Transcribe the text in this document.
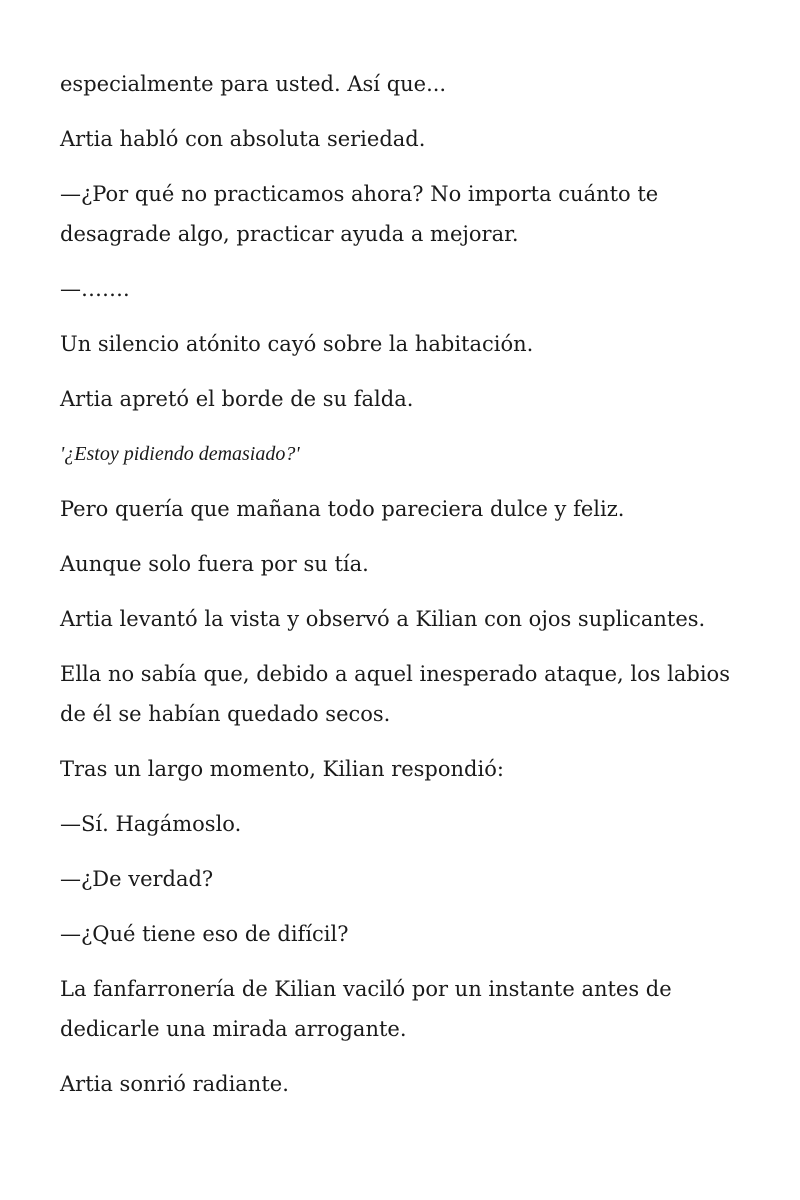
especialmente para usted. Así que...

Artia habló con absoluta seriedad.

—¿Por qué no practicamos ahora? No importa cuánto te desagrade algo, practicar ayuda a mejorar.

—…….

Un silencio atónito cayó sobre la habitación.

Artia apretó el borde de su falda.

'¿Estoy pidiendo demasiado?'

Pero quería que mañana todo pareciera dulce y feliz.

Aunque solo fuera por su tía.

Artia levantó la vista y observó a Kilian con ojos suplicantes.

Ella no sabía que, debido a aquel inesperado ataque, los labios de él se habían quedado secos.

Tras un largo momento, Kilian respondió:

—Sí. Hagámoslo.

—¿De verdad?

—¿Qué tiene eso de difícil?

La fanfarronería de Kilian vaciló por un instante antes de dedicarle una mirada arrogante.

Artia sonrió radiante.
